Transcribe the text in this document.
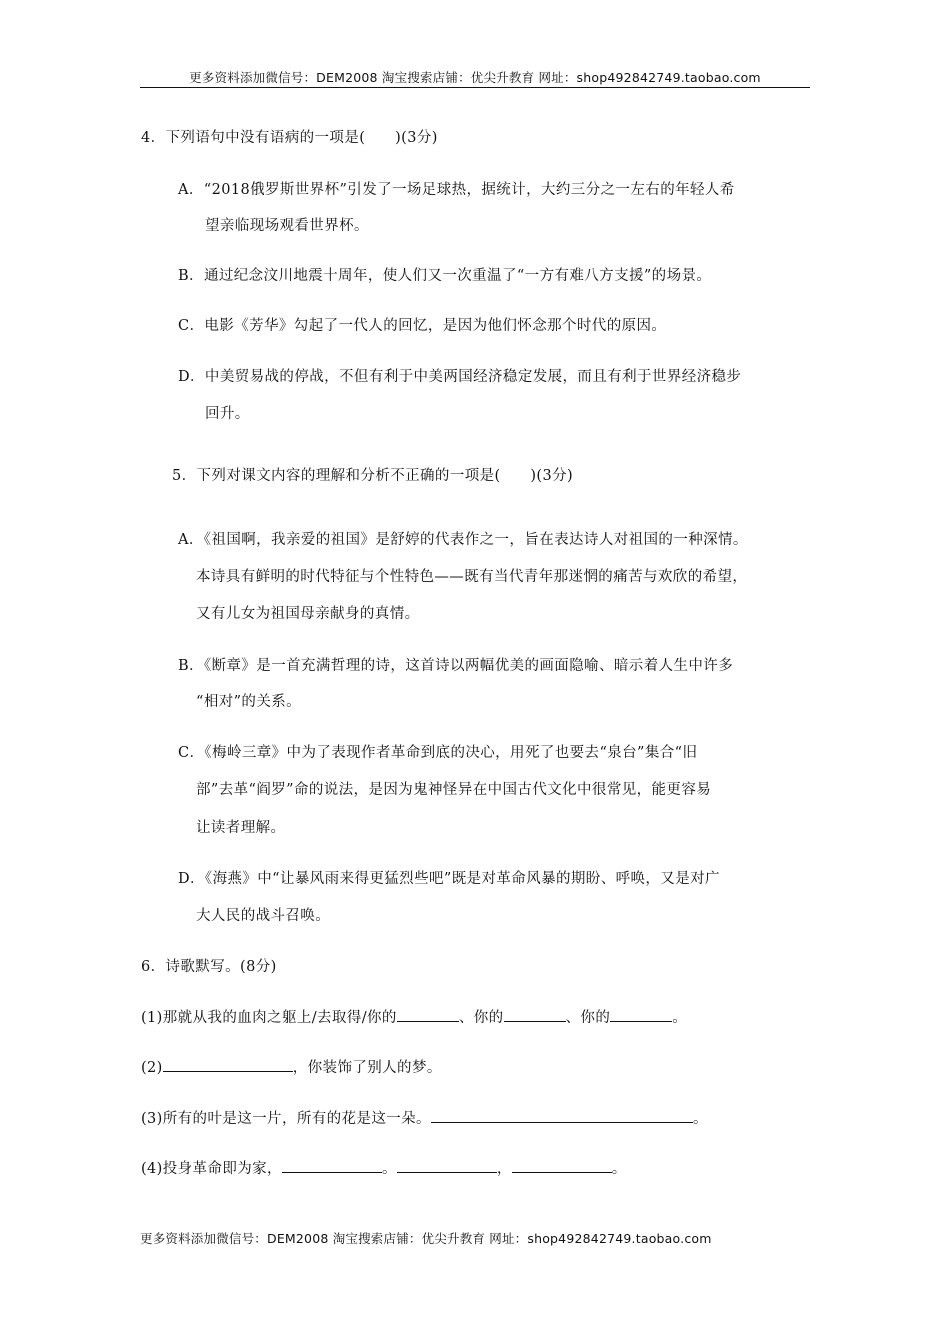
更多资料添加微信号：DEM2008 淘宝搜索店铺：优尖升教育 网址：shop492842749.taobao.com
4．下列语句中没有语病的一项是(　　)(3分)
A．“2018俄罗斯世界杯”引发了一场足球热，据统计，大约三分之一左右的年轻人希
望亲临现场观看世界杯。
B．通过纪念汶川地震十周年，使人们又一次重温了“一方有难八方支援”的场景。
C．电影《芳华》勾起了一代人的回忆，是因为他们怀念那个时代的原因。
D．中美贸易战的停战，不但有利于中美两国经济稳定发展，而且有利于世界经济稳步
回升。
5．下列对课文内容的理解和分析不正确的一项是(　　)(3分)
A．《祖国啊，我亲爱的祖国》是舒婷的代表作之一，旨在表达诗人对祖国的一种深情。
本诗具有鲜明的时代特征与个性特色——既有当代青年那迷惘的痛苦与欢欣的希望，
又有儿女为祖国母亲献身的真情。
B．《断章》是一首充满哲理的诗，这首诗以两幅优美的画面隐喻、暗示着人生中许多
“相对”的关系。
C．《梅岭三章》中为了表现作者革命到底的决心，用死了也要去“泉台”集合“旧
部”去革“阎罗”命的说法，是因为鬼神怪异在中国古代文化中很常见，能更容易
让读者理解。
D．《海燕》中“让暴风雨来得更猛烈些吧”既是对革命风暴的期盼、呼唤，又是对广
大人民的战斗召唤。
6．诗歌默写。(8分)
(1)那就从我的血肉之躯上/去取得/你的	、你的	、你的	。
(2)	，你装饰了别人的梦。
(3)所有的叶是这一片，所有的花是这一朵。	。
(4)投身革命即为家，	。	，	。
更多资料添加微信号：DEM2008 淘宝搜索店铺：优尖升教育 网址：shop492842749.taobao.com
